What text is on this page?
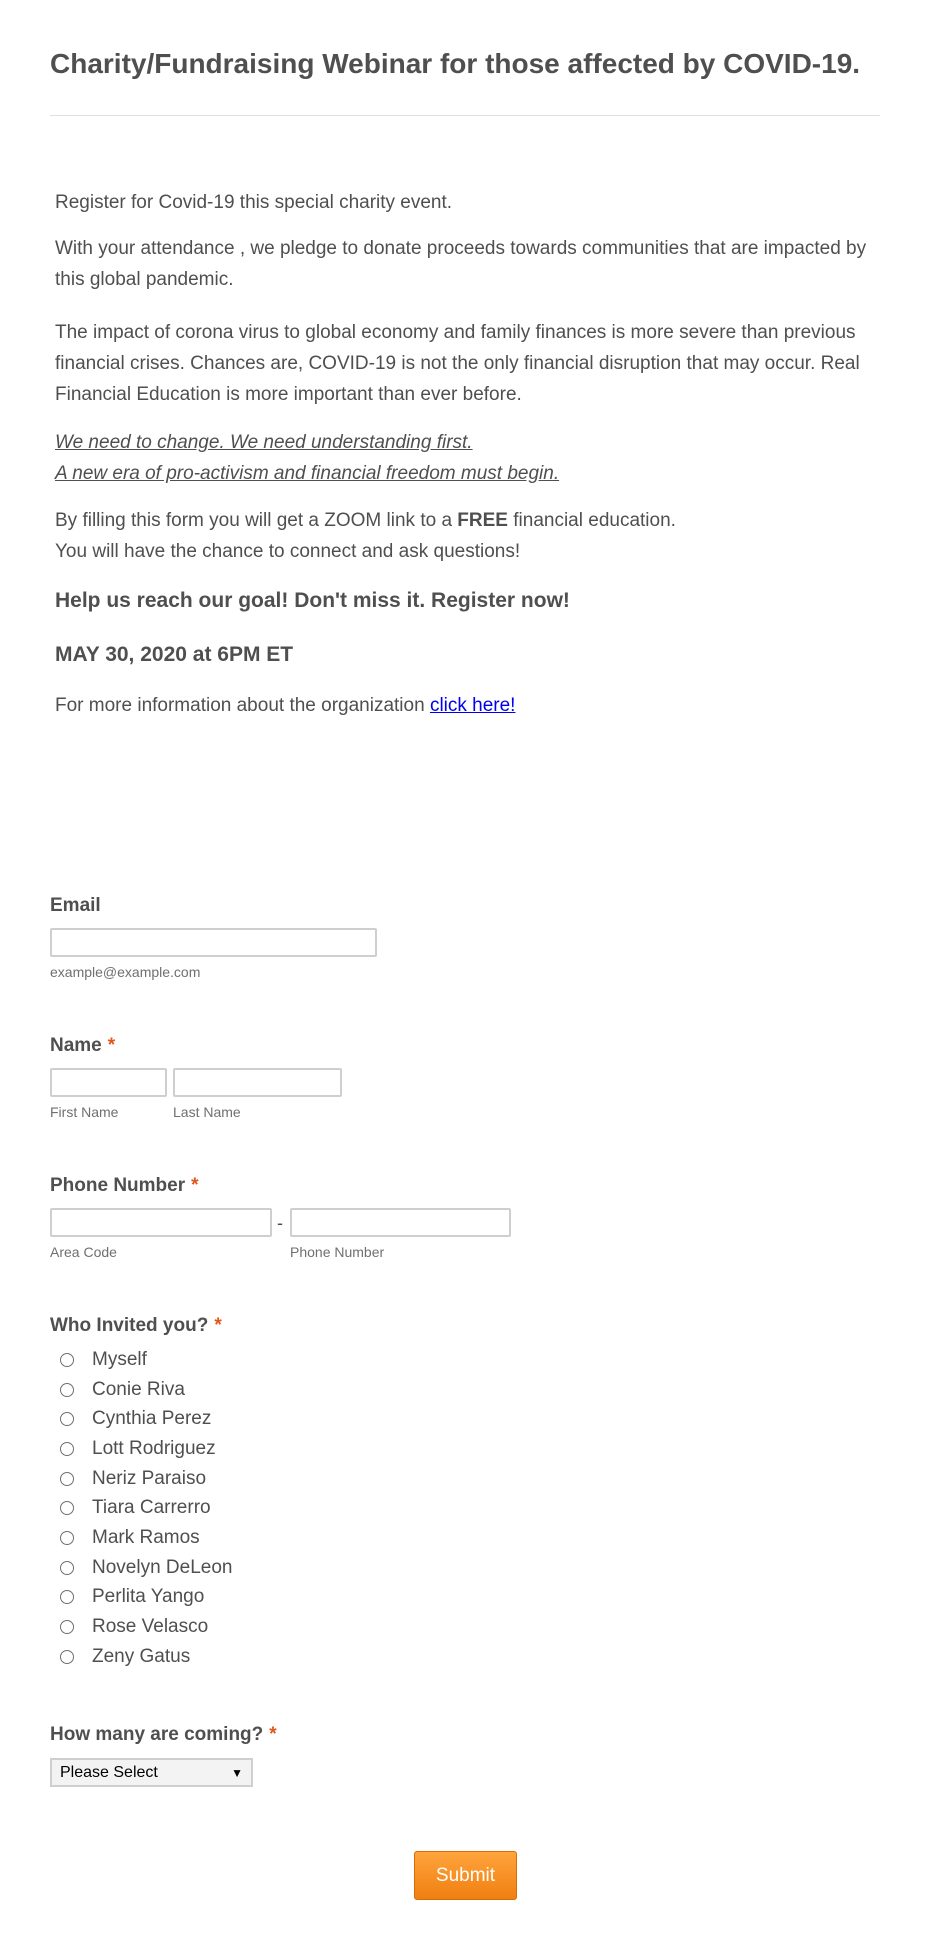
Charity/Fundraising Webinar for those affected by COVID-19.

Register for Covid-19 this special charity event.

With your attendance , we pledge to donate proceeds towards communities that are impacted by this global pandemic.

The impact of corona virus to global economy and family finances is more severe than previous financial crises. Chances are, COVID-19 is not the only financial disruption that may occur. Real Financial Education is more important than ever before.

We need to change. We need understanding first.
A new era of pro-activism and financial freedom must begin.

By filling this form you will get a ZOOM link to a FREE financial education.
You will have the chance to connect and ask questions!

Help us reach our goal! Don't miss it. Register now!
MAY 30, 2020 at 6PM ET

For more information about the organization click here!

Email
example@example.com
Name *
First Name	Last Name
Phone Number *
-
Area Code	Phone Number
Who Invited you? *
Myself
Conie Riva
Cynthia Perez
Lott Rodriguez
Neriz Paraiso
Tiara Carrerro
Mark Ramos
Novelyn DeLeon
Perlita Yango
Rose Velasco
Zeny Gatus
How many are coming? *
Please Select	▼
Submit
